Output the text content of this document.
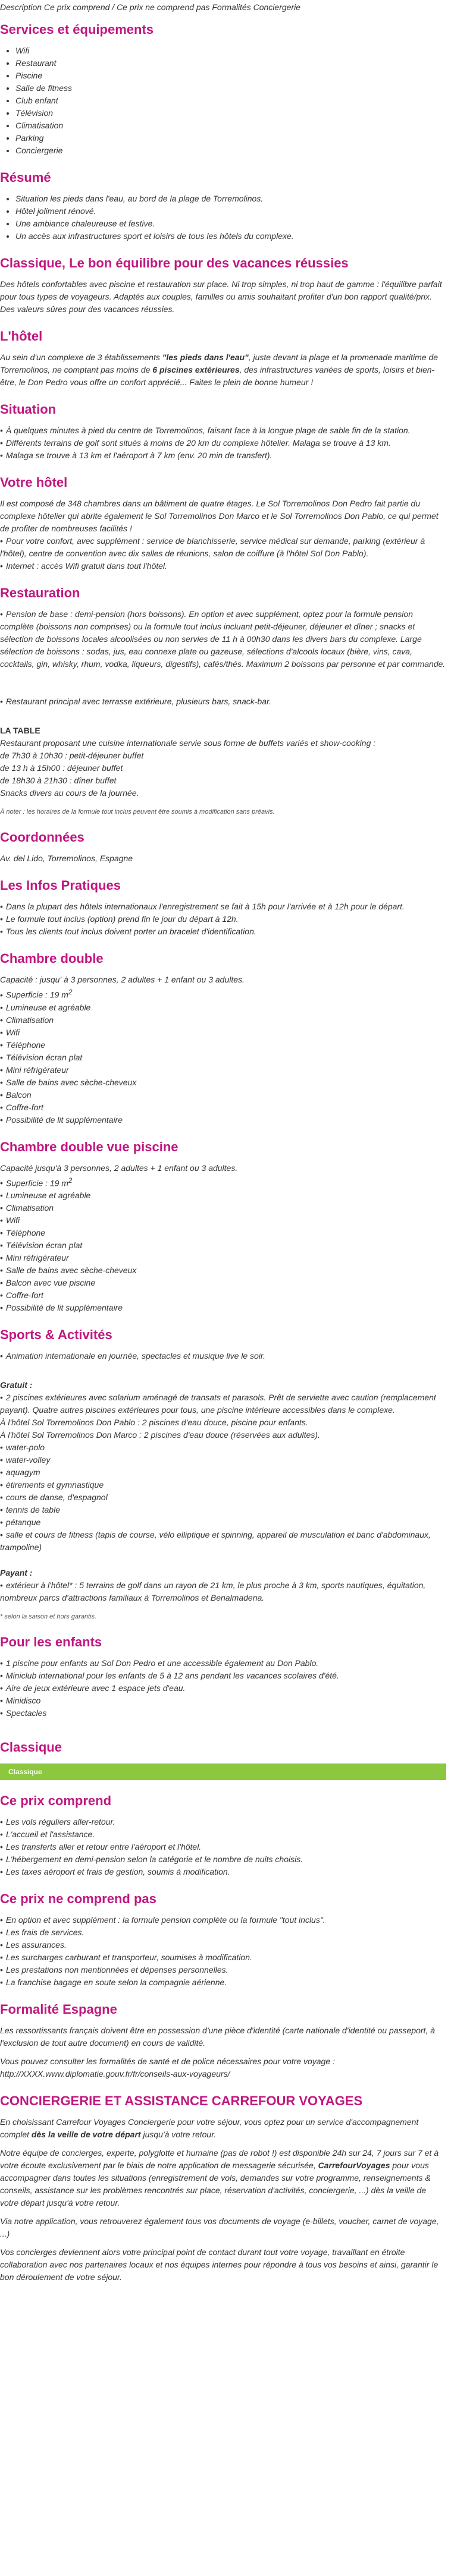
Description Ce prix comprend / Ce prix ne comprend pas Formalités Conciergerie

Services et équipements
• Wifi
• Restaurant
• Piscine
• Salle de fitness
• Club enfant
• Télévision
• Climatisation
• Parking
• Conciergerie
Résumé
• Situation les pieds dans l'eau, au bord de la plage de Torremolinos.
• Hôtel joliment rénové.
• Une ambiance chaleureuse et festive.
• Un accès aux infrastructures sport et loisirs de tous les hôtels du complexe.
Classique, Le bon équilibre pour des vacances réussies

Des hôtels confortables avec piscine et restauration sur place. Ni trop simples, ni trop haut de gamme : l'équilibre parfait pour tous types de voyageurs. Adaptés aux couples, familles ou amis souhaitant profiter d'un bon rapport qualité/prix. Des valeurs sûres pour des vacances réussies.

L'hôtel

Au sein d'un complexe de 3 établissements "les pieds dans l'eau", juste devant la plage et la promenade maritime de Torremolinos, ne comptant pas moins de 6 piscines extérieures, des infrastructures variées de sports, loisirs et bien-être, le Don Pedro vous offre un confort apprécié... Faites le plein de bonne humeur !

Situation

• À quelques minutes à pied du centre de Torremolinos, faisant face à la longue plage de sable fin de la station.

• Différents terrains de golf sont situés à moins de 20 km du complexe hôtelier. Malaga se trouve à 13 km.

• Malaga se trouve à 13 km et l'aéroport à 7 km (env. 20 min de transfert).

Votre hôtel

Il est composé de 348 chambres dans un bâtiment de quatre étages. Le Sol Torremolinos Don Pedro fait partie du complexe hôtelier qui abrite également le Sol Torremolinos Don Marco et le Sol Torremolinos Don Pablo, ce qui permet de profiter de nombreuses facilités !

• Pour votre confort, avec supplément : service de blanchisserie, service médical sur demande, parking (extérieur à l'hôtel), centre de convention avec dix salles de réunions, salon de coiffure (à l'hôtel Sol Don Pablo).

• Internet : accès Wifi gratuit dans tout l'hôtel.

Restauration

• Pension de base : demi-pension (hors boissons). En option et avec supplément, optez pour la formule pension complète (boissons non comprises) ou la formule tout inclus incluant petit-déjeuner, déjeuner et dîner ; snacks et sélection de boissons locales alcoolisées ou non servies de 11 h à 00h30 dans les divers bars du complexe. Large sélection de boissons : sodas, jus, eau connexe plate ou gazeuse, sélections d'alcools locaux (bière, vins, cava, cocktails, gin, whisky, rhum, vodka, liqueurs, digestifs), cafés/thés. Maximum 2 boissons par personne et par commande.

• Restaurant principal avec terrasse extérieure, plusieurs bars, snack-bar.

LA TABLE

Restaurant proposant une cuisine internationale servie sous forme de buffets variés et show-cooking :

de 7h30 à 10h30 : petit-déjeuner buffet

de 13 h à 15h00 : déjeuner buffet

de 18h30 à 21h30 : dîner buffet

Snacks divers au cours de la journée.

À noter : les horaires de la formule tout inclus peuvent être soumis à modification sans préavis.

Coordonnées

Av. del Lido, Torremolinos, Espagne

Les Infos Pratiques

• Dans la plupart des hôtels internationaux l'enregistrement se fait à 15h pour l'arrivée et à 12h pour le départ.

• Le formule tout inclus (option) prend fin le jour du départ à 12h.

• Tous les clients tout inclus doivent porter un bracelet d'identification.

Chambre double

Capacité : jusqu' à 3 personnes, 2 adultes + 1 enfant ou 3 adultes.

• Superficie : 19 $m^2$

• Lumineuse et agréable

• Climatisation

• Wifi

• Téléphone

• Télévision écran plat

• Mini réfrigérateur

• Salle de bains avec sèche-cheveux

• Balcon

• Coffre-fort

• Possibilité de lit supplémentaire

Chambre double vue piscine

Capacité jusqu'à 3 personnes, 2 adultes + 1 enfant ou 3 adultes.

• Superficie : 19 $m^2$

• Lumineuse et agréable

• Climatisation

• Wifi

• Téléphone

• Télévision écran plat

• Mini réfrigérateur

• Salle de bains avec sèche-cheveux

• Balcon avec vue piscine

• Coffre-fort

• Possibilité de lit supplémentaire

Sports & Activités

• Animation internationale en journée, spectacles et musique live le soir.

Gratuit :

• 2 piscines extérieures avec solarium aménagé de transats et parasols. Prêt de serviette avec caution (remplacement payant). Quatre autres piscines extérieures pour tous, une piscine intérieure accessibles dans le complexe.

À l'hôtel Sol Torremolinos Don Pablo : 2 piscines d'eau douce, piscine pour enfants.

À l'hôtel Sol Torremolinos Don Marco : 2 piscines d'eau douce (réservées aux adultes).

• water-polo

• water-volley

• aquagym

• étirements et gymnastique

• cours de danse, d'espagnol

• tennis de table

• pétanque

• salle et cours de fitness (tapis de course, vélo elliptique et spinning, appareil de musculation et banc d'abdominaux, trampoline)

Payant :

• extérieur à l'hôtel* : 5 terrains de golf dans un rayon de 21 km, le plus proche à 3 km, sports nautiques, équitation, nombreux parcs d'attractions familiaux à Torremolinos et Benalmadena.

* selon la saison et hors garantis.

Pour les enfants

• 1 piscine pour enfants au Sol Don Pedro et une accessible également au Don Pablo.

• Miniclub international pour les enfants de 5 à 12 ans pendant les vacances scolaires d'été.

• Aire de jeux extérieure avec 1 espace jets d'eau.

• Minidisco

• Spectacles

Classique
Classique
Ce prix comprend

• Les vols réguliers aller-retour.

• L'accueil et l'assistance.

• Les transferts aller et retour entre l'aéroport et l'hôtel.

• L'hébergement en demi-pension selon la catégorie et le nombre de nuits choisis.

• Les taxes aéroport et frais de gestion, soumis à modification.

Ce prix ne comprend pas

• En option et avec supplément : la formule pension complète ou la formule "tout inclus".

• Les frais de services.

• Les assurances.

• Les surcharges carburant et transporteur, soumises à modification.

• Les prestations non mentionnées et dépenses personnelles.

• La franchise bagage en soute selon la compagnie aérienne.

Formalité Espagne

Les ressortissants français doivent être en possession d'une pièce d'identité (carte nationale d'identité ou passeport, à l'exclusion de tout autre document) en cours de validité.

Vous pouvez consulter les formalités de santé et de police nécessaires pour votre voyage :

http://XXXX.www.diplomatie.gouv.fr/fr/conseils-aux-voyageurs/

CONCIERGERIE ET ASSISTANCE CARREFOUR VOYAGES

En choisissant Carrefour Voyages Conciergerie pour votre séjour, vous optez pour un service d'accompagnement complet dès la veille de votre départ jusqu'à votre retour.

Notre équipe de concierges, experte, polyglotte et humaine (pas de robot !) est disponible 24h sur 24, 7 jours sur 7 et à votre écoute exclusivement par le biais de notre application de messagerie sécurisée, CarrefourVoyages pour vous accompagner dans toutes les situations (enregistrement de vols, demandes sur votre programme, renseignements & conseils, assistance sur les problèmes rencontrés sur place, réservation d'activités, conciergerie, ...) dès la veille de votre départ jusqu'à votre retour.

Via notre application, vous retrouverez également tous vos documents de voyage (e-billets, voucher, carnet de voyage, ...)

Vos concierges deviennent alors votre principal point de contact durant tout votre voyage, travaillant en étroite collaboration avec nos partenaires locaux et nos équipes internes pour répondre à tous vos besoins et ainsi, garantir le bon déroulement de votre séjour.
